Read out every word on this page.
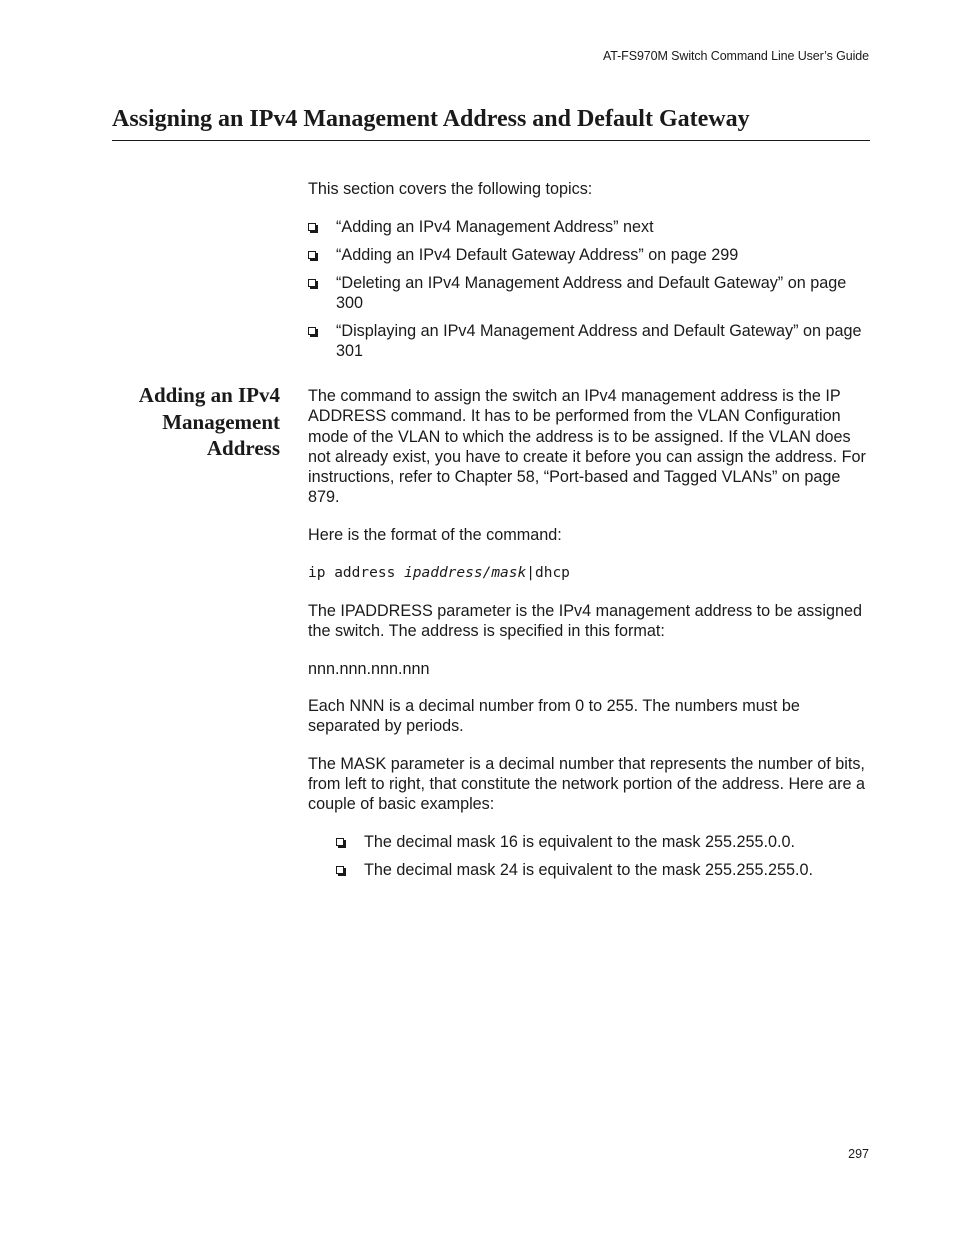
AT-FS970M Switch Command Line User’s Guide
Assigning an IPv4 Management Address and Default Gateway

This section covers the following topics:

“Adding an IPv4 Management Address” next
“Adding an IPv4 Default Gateway Address” on page 299
“Deleting an IPv4 Management Address and Default Gateway” on page 300
“Displaying an IPv4 Management Address and Default Gateway” on page 301
Adding an IPv4
Management
Address

The command to assign the switch an IPv4 management address is the IP ADDRESS command. It has to be performed from the VLAN Configuration mode of the VLAN to which the address is to be assigned. If the VLAN does not already exist, you have to create it before you can assign the address. For instructions, refer to Chapter 58, “Port-based and Tagged VLANs” on page 879.

Here is the format of the command:

ip address ipaddress/mask|dhcp

The IPADDRESS parameter is the IPv4 management address to be assigned the switch. The address is specified in this format:

nnn.nnn.nnn.nnn

Each NNN is a decimal number from 0 to 255. The numbers must be separated by periods.

The MASK parameter is a decimal number that represents the number of bits, from left to right, that constitute the network portion of the address. Here are a couple of basic examples:

The decimal mask 16 is equivalent to the mask 255.255.0.0.
The decimal mask 24 is equivalent to the mask 255.255.255.0.
297
